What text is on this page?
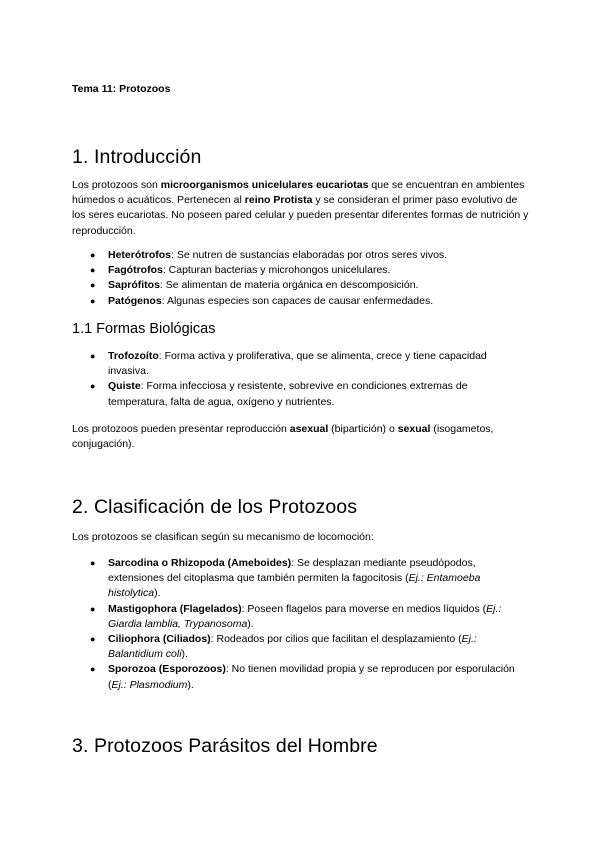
Tema 11: Protozoos
1. Introducción

Los protozoos son microorganismos unicelulares eucariotas que se encuentran en ambientes húmedos o acuáticos. Pertenecen al reino Protista y se consideran el primer paso evolutivo de los seres eucariotas. No poseen pared celular y pueden presentar diferentes formas de nutrición y reproducción.

● Heterótrofos: Se nutren de sustancias elaboradas por otros seres vivos.
● Fagótrofos: Capturan bacterias y microhongos unicelulares.
● Saprófitos: Se alimentan de materia orgánica en descomposición.
● Patógenos: Algunas especies son capaces de causar enfermedades.
1.1 Formas Biológicas
● Trofozoíto: Forma activa y proliferativa, que se alimenta, crece y tiene capacidad invasiva.
● Quiste: Forma infecciosa y resistente, sobrevive en condiciones extremas de temperatura, falta de agua, oxígeno y nutrientes.

Los protozoos pueden presentar reproducción asexual (bipartición) o sexual (isogametos, conjugación).

2. Clasificación de los Protozoos

Los protozoos se clasifican según su mecanismo de locomoción:

● Sarcodina o Rhizopoda (Ameboides): Se desplazan mediante pseudópodos, extensiones del citoplasma que también permiten la fagocitosis (Ej.: Entamoeba histolytica).
● Mastigophora (Flagelados): Poseen flagelos para moverse en medios líquidos (Ej.: Giardia lamblia, Trypanosoma).
● Ciliophora (Ciliados): Rodeados por cilios que facilitan el desplazamiento (Ej.: Balantidium coli).
● Sporozoa (Esporozoos): No tienen movilidad propia y se reproducen por esporulación (Ej.: Plasmodium).
3. Protozoos Parásitos del Hombre
